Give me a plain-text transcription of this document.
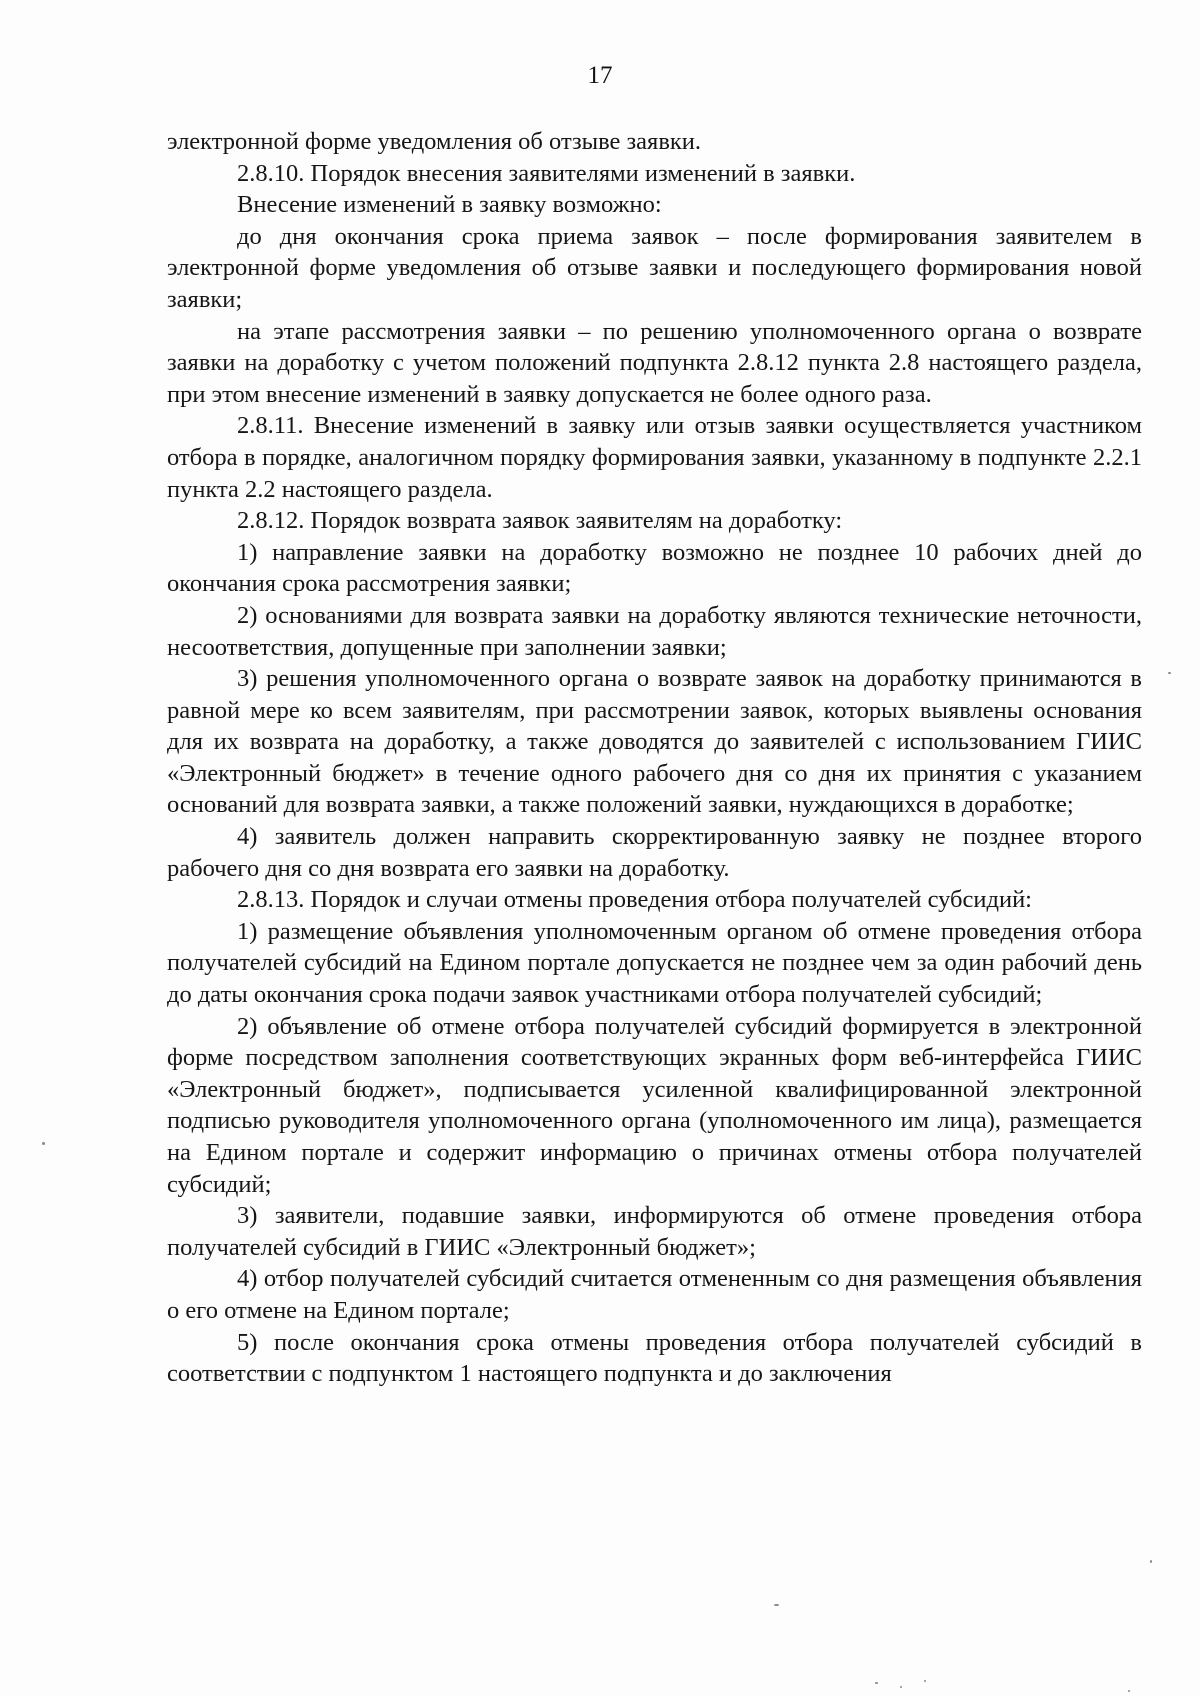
17

электронной форме уведомления об отзыве заявки.

2.8.10. Порядок внесения заявителями изменений в заявки.

Внесение изменений в заявку возможно:

до дня окончания срока приема заявок – после формирования заявителем в электронной форме уведомления об отзыве заявки и последующего формирования новой заявки;

на этапе рассмотрения заявки – по решению уполномоченного органа о возврате заявки на доработку с учетом положений подпункта 2.8.12 пункта 2.8 настоящего раздела, при этом внесение изменений в заявку допускается не более одного раза.

2.8.11. Внесение изменений в заявку или отзыв заявки осуществляется участником отбора в порядке, аналогичном порядку формирования заявки, указанному в подпункте 2.2.1 пункта 2.2 настоящего раздела.

2.8.12. Порядок возврата заявок заявителям на доработку:

1) направление заявки на доработку возможно не позднее 10 рабочих дней до окончания срока рассмотрения заявки;

2) основаниями для возврата заявки на доработку являются технические неточности, несоответствия, допущенные при заполнении заявки;

3) решения уполномоченного органа о возврате заявок на доработку принимаются в равной мере ко всем заявителям, при рассмотрении заявок, которых выявлены основания для их возврата на доработку, а также доводятся до заявителей с использованием ГИИС «Электронный бюджет» в течение одного рабочего дня со дня их принятия с указанием оснований для возврата заявки, а также положений заявки, нуждающихся в доработке;

4) заявитель должен направить скорректированную заявку не позднее второго рабочего дня со дня возврата его заявки на доработку.

2.8.13. Порядок и случаи отмены проведения отбора получателей субсидий:

1) размещение объявления уполномоченным органом об отмене проведения отбора получателей субсидий на Едином портале допускается не позднее чем за один рабочий день до даты окончания срока подачи заявок участниками отбора получателей субсидий;

2) объявление об отмене отбора получателей субсидий формируется в электронной форме посредством заполнения соответствующих экранных форм веб-интерфейса ГИИС «Электронный бюджет», подписывается усиленной квалифицированной электронной подписью руководителя уполномоченного органа (уполномоченного им лица), размещается на Едином портале и содержит информацию о причинах отмены отбора получателей субсидий;

3) заявители, подавшие заявки, информируются об отмене проведения отбора получателей субсидий в ГИИС «Электронный бюджет»;

4) отбор получателей субсидий считается отмененным со дня размещения объявления о его отмене на Едином портале;

5) после окончания срока отмены проведения отбора получателей субсидий в соответствии с подпунктом 1 настоящего подпункта и до заключения
